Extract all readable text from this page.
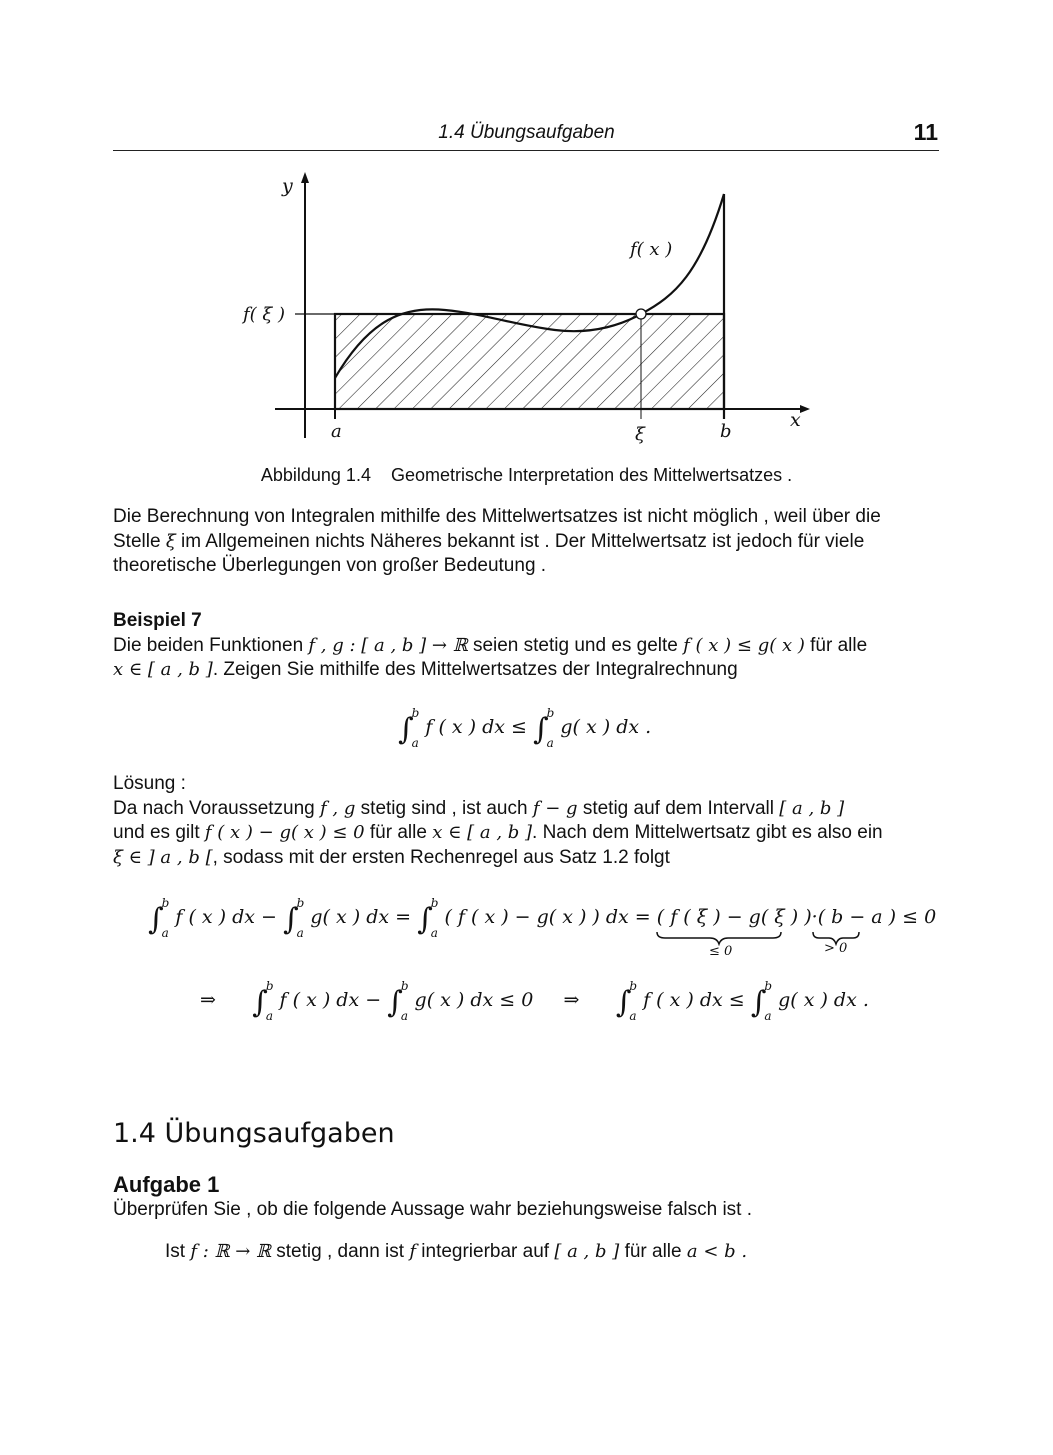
1.4 Übungsaufgaben	11
y
x
f( x )
f( ξ )
a	ξ	b
Abbildung 1.4 Geometrische Interpretation des Mittelwertsatzes .
Die Berechnung von Integralen mithilfe des Mittelwertsatzes ist nicht möglich , weil über die
Stelle ξ im Allgemeinen nichts Näheres bekannt ist . Der Mittelwertsatz ist jedoch für viele
theoretische Überlegungen von großer Bedeutung .
Beispiel 7
Die beiden Funktionen f , g : [ a , b ] → ℝ seien stetig und es gelte f ( x ) ≤ g( x ) für alle
x ∈ [ a , b ]. Zeigen Sie mithilfe des Mittelwertsatzes der Integralrechnung
∫
b
a
f ( x ) dx ≤ ∫
b
a
g( x ) dx .
Lösung :
Da nach Voraussetzung f , g stetig sind , ist auch f − g stetig auf dem Intervall [ a , b ]
und es gilt f ( x ) − g( x ) ≤ 0 für alle x ∈ [ a , b ]. Nach dem Mittelwertsatz gibt es also ein
ξ ∈ ] a , b [, sodass mit der ersten Rechenregel aus Satz 1.2 folgt
∫
b
a
f ( x ) dx − ∫
b
a
g( x ) dx = ∫
b
a
( f ( x ) − g( x ) ) dx = ( f ( ξ ) − g( ξ ) )·( b − a ) ≤ 0
≤ 0	> 0
⇒ ∫
b
a
f ( x ) dx − ∫
b
a
g( x ) dx ≤ 0 ⇒ ∫
b
a
f ( x ) dx ≤ ∫
b
a
g( x ) dx .
1.4 Übungsaufgaben
Aufgabe 1
Überprüfen Sie , ob die folgende Aussage wahr beziehungsweise falsch ist .
Ist f : ℝ → ℝ stetig , dann ist f integrierbar auf [ a , b ] für alle a < b .
